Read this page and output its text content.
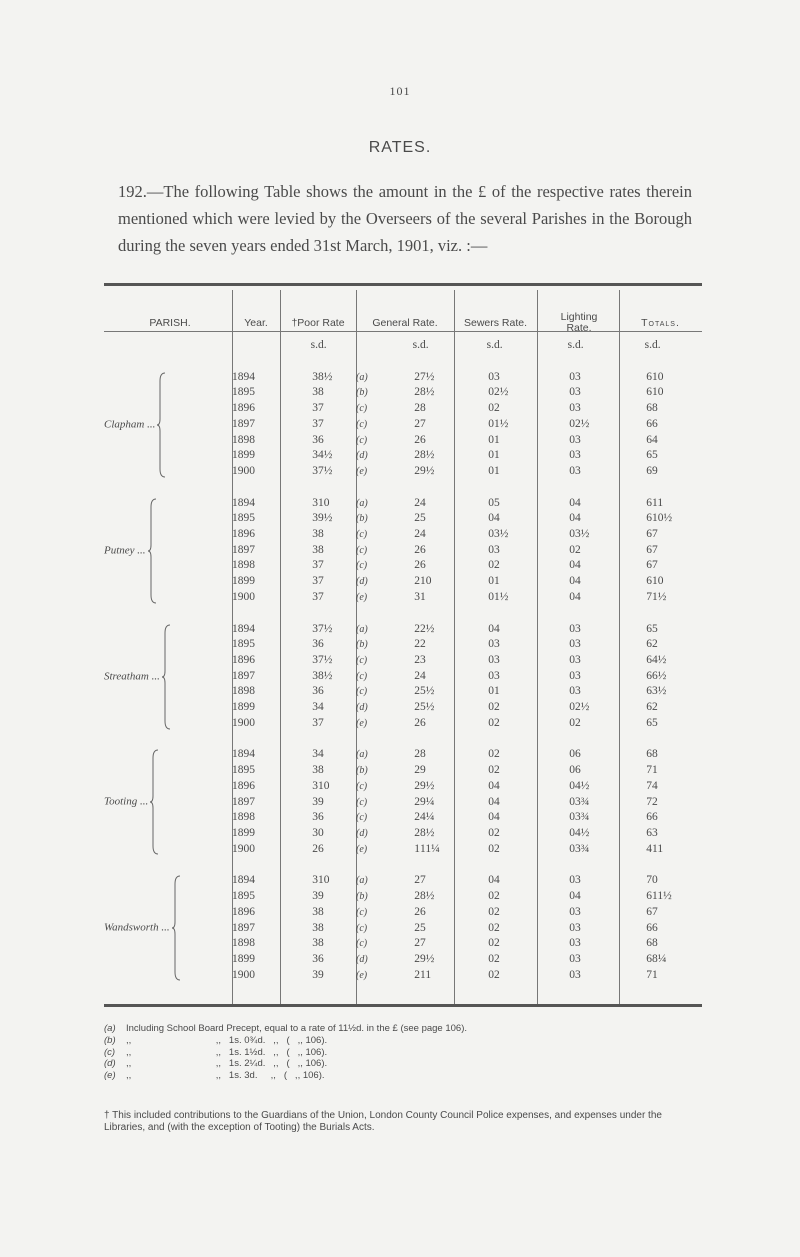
101
RATES.
192.—The following Table shows the amount in the £ of the respective rates therein mentioned which were levied by the Overseers of the several Parishes in the Borough during the seven years ended 31st March, 1901, viz. :—
PARISH.	Year.	†Poor Rate	General Rate.	Sewers Rate.	Lighting Rate.	Totals.
		s.	d.		s.	d.	s.	d.	s.	d.	s.	d.

Clapham ...	1894	3	8½	(a)	2	7½	0	3	0	3	6	10
	1895	3	8	(b)	2	8½	0	2½	0	3	6	10
	1896	3	7	(c)	2	8	0	2	0	3	6	8
	1897	3	7	(c)	2	7	0	1½	0	2½	6	6
	1898	3	6	(c)	2	6	0	1	0	3	6	4
	1899	3	4½	(d)	2	8½	0	1	0	3	6	5
	1900	3	7½	(e)	2	9½	0	1	0	3	6	9

Putney ...	1894	3	10	(a)	2	4	0	5	0	4	6	11
	1895	3	9½	(b)	2	5	0	4	0	4	6	10½
	1896	3	8	(c)	2	4	0	3½	0	3½	6	7
	1897	3	8	(c)	2	6	0	3	0	2	6	7
	1898	3	7	(c)	2	6	0	2	0	4	6	7
	1899	3	7	(d)	2	10	0	1	0	4	6	10
	1900	3	7	(e)	3	1	0	1½	0	4	7	1½

Streatham ...	1894	3	7½	(a)	2	2½	0	4	0	3	6	5
	1895	3	6	(b)	2	2	0	3	0	3	6	2
	1896	3	7½	(c)	2	3	0	3	0	3	6	4½
	1897	3	8½	(c)	2	4	0	3	0	3	6	6½
	1898	3	6	(c)	2	5½	0	1	0	3	6	3½
	1899	3	4	(d)	2	5½	0	2	0	2½	6	2
	1900	3	7	(e)	2	6	0	2	0	2	6	5

Tooting ...	1894	3	4	(a)	2	8	0	2	0	6	6	8
	1895	3	8	(b)	2	9	0	2	0	6	7	1
	1896	3	10	(c)	2	9½	0	4	0	4½	7	4
	1897	3	9	(c)	2	9¼	0	4	0	3¾	7	2
	1898	3	6	(c)	2	4¼	0	4	0	3¾	6	6
	1899	3	0	(d)	2	8½	0	2	0	4½	6	3
	1900	2	6	(e)	1	11¼	0	2	0	3¾	4	11

Wandsworth ...	1894	3	10	(a)	2	7	0	4	0	3	7	0
	1895	3	9	(b)	2	8½	0	2	0	4	6	11½
	1896	3	8	(c)	2	6	0	2	0	3	6	7
	1897	3	8	(c)	2	5	0	2	0	3	6	6
	1898	3	8	(c)	2	7	0	2	0	3	6	8
	1899	3	6	(d)	2	9½	0	2	0	3	6	8¼
	1900	3	9	(e)	2	11	0	2	0	3	7	1
(a)	Including School Board Precept, equal to a rate of 11½d. in the £ (see page 106).
(b)	,,                                ,,   1s. 0¾d.   ,,   (   ,, 106).
(c)	,,                                ,,   1s. 1½d.   ,,   (   ,, 106).
(d)	,,                                ,,   1s. 2¼d.   ,,   (   ,, 106).
(e)	,,                                ,,   1s. 3d.     ,,   (   ,, 106).
† This included contributions to the Guardians of the Union, London County Council Police expenses, and expenses under the Libraries, and (with the exception of Tooting) the Burials Acts.
